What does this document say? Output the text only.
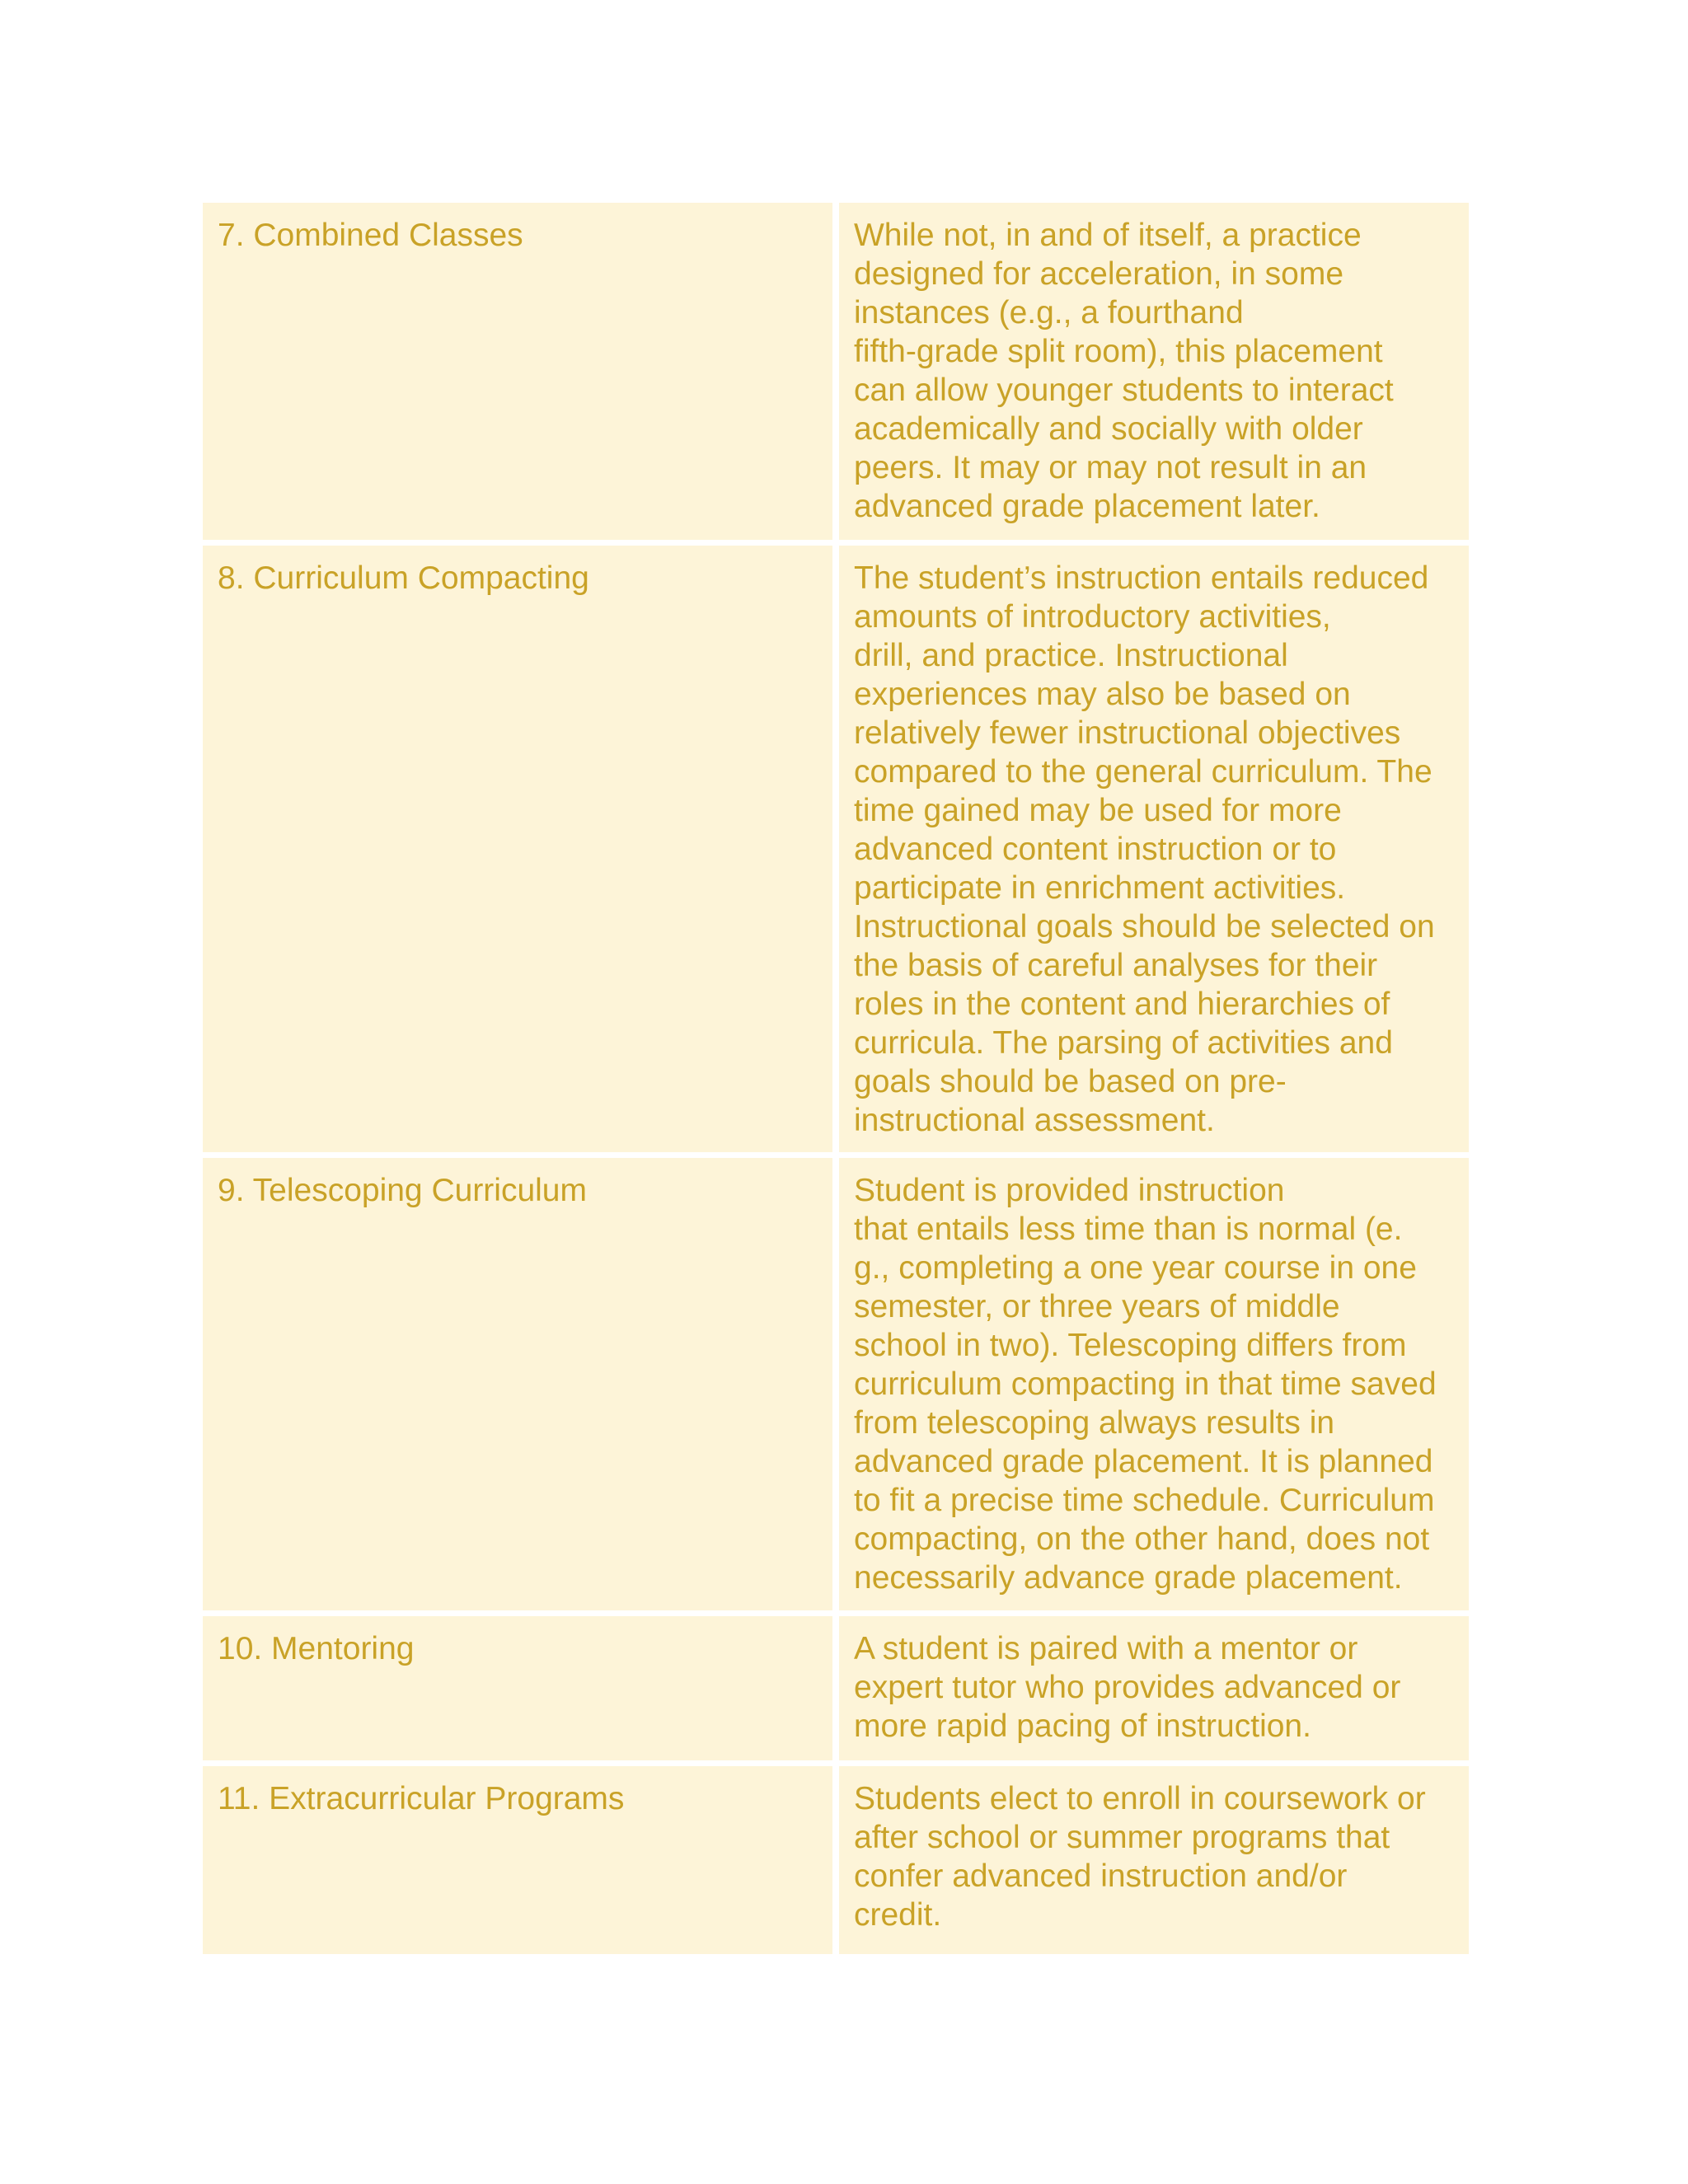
7. Combined Classes	While not, in and of itself, a practice
designed for acceleration, in some
instances (e.g., a fourthand
fifth-grade split room), this placement
can allow younger students to interact
academically and socially with older
peers. It may or may not result in an
advanced grade placement later.
8. Curriculum Compacting	The student’s instruction entails reduced
amounts of introductory activities,
drill, and practice. Instructional
experiences may also be based on
relatively fewer instructional objectives
compared to the general curriculum. The
time gained may be used for more
advanced content instruction or to
participate in enrichment activities.
Instructional goals should be selected on
the basis of careful analyses for their
roles in the content and hierarchies of
curricula. The parsing of activities and
goals should be based on pre-
instructional assessment.
9. Telescoping Curriculum	Student is provided instruction
that entails less time than is normal (e.
g., completing a one year course in one
semester, or three years of middle
school in two). Telescoping differs from
curriculum compacting in that time saved
from telescoping always results in
advanced grade placement. It is planned
to fit a precise time schedule. Curriculum
compacting, on the other hand, does not
necessarily advance grade placement.
10. Mentoring	A student is paired with a mentor or
expert tutor who provides advanced or
more rapid pacing of instruction.
11. Extracurricular Programs	Students elect to enroll in coursework or
after school or summer programs that
confer advanced instruction and/or
credit.
